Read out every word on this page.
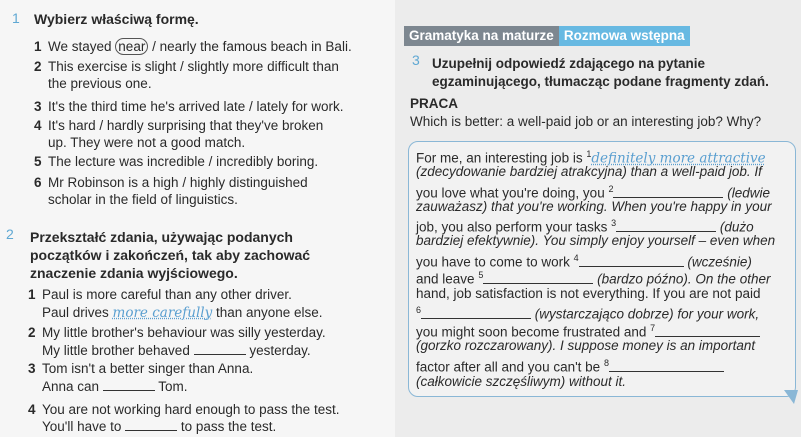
1 Wybierz właściwą formę.
1 We stayed near / nearly the famous beach in Bali.
2 This exercise is slight / slightly more difficult than
the previous one.
3 It's the third time he's arrived late / lately for work.
4 It's hard / hardly surprising that they've broken
up. They were not a good match.
5 The lecture was incredible / incredibly boring.
6 Mr Robinson is a high / highly distinguished
scholar in the field of linguistics.
2 Przekształć zdania, używając podanych
początków i zakończeń, tak aby zachować
znaczenie zdania wyjściowego.
1 Paul is more careful than any other driver.
Paul drives more carefully than anyone else.
2 My little brother's behaviour was silly yesterday.
My little brother behaved	yesterday.
3 Tom isn't a better singer than Anna.
Anna can	Tom.
4 You are not working hard enough to pass the test.
You'll have to	to pass the test.
Gramatyka na maturze Rozmowa wstępna
3 Uzupełnij odpowiedź zdającego na pytanie
egzaminującego, tłumacząc podane fragmenty zdań.
PRACA
Which is better: a well-paid job or an interesting job? Why?
For me, an interesting job is $^1$definitely more attractive
(zdecydowanie bardziej atrakcyjna) than a well-paid job. If
you love what you're doing, you $^2$	(ledwie
zauważasz) that you're working. When you're happy in your
job, you also perform your tasks $^3$	(dużo
bardziej efektywnie). You simply enjoy yourself – even when
you have to come to work $^4$	(wcześnie)
and leave $^5$	(bardzo późno). On the other
hand, job satisfaction is not everything. If you are not paid
$^6$	(wystarczająco dobrze) for your work,
you might soon become frustrated and $^7$
(gorzko rozczarowany). I suppose money is an important
factor after all and you can't be $^8$
(całkowicie szczęśliwym) without it.
